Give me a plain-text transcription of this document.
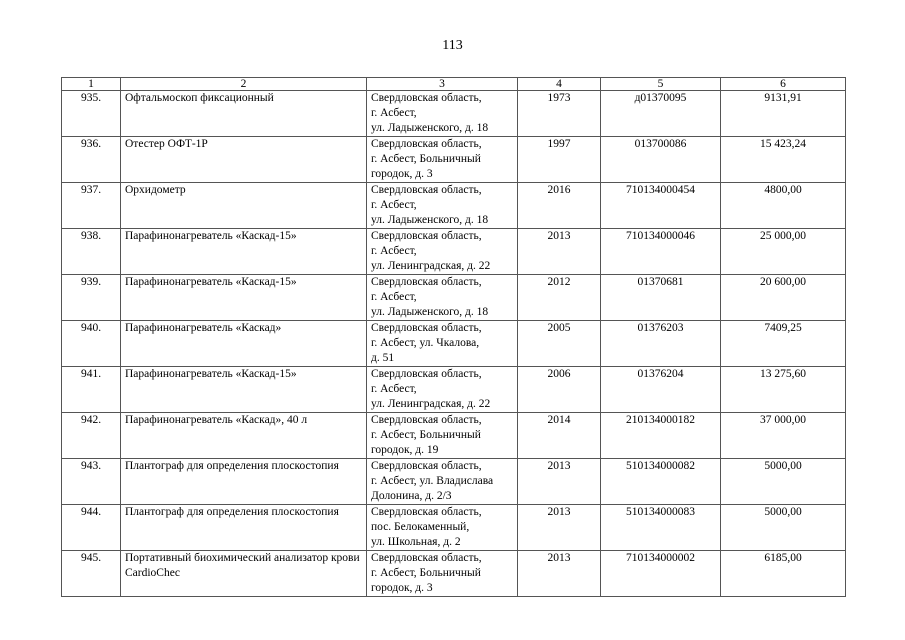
113
1	2	3	4	5	6
935.	Офтальмоскоп фиксационный	Свердловская область,
г. Асбест,
ул. Ладыженского, д. 18	1973	д01370095	9131,91
936.	Отестер ОФТ-1Р	Свердловская область,
г. Асбест, Больничный
городок, д. 3	1997	013700086	15 423,24
937.	Орхидометр	Свердловская область,
г. Асбест,
ул. Ладыженского, д. 18	2016	710134000454	4800,00
938.	Парафинонагреватель «Каскад-15»	Свердловская область,
г. Асбест,
ул. Ленинградская, д. 22	2013	710134000046	25 000,00
939.	Парафинонагреватель «Каскад-15»	Свердловская область,
г. Асбест,
ул. Ладыженского, д. 18	2012	01370681	20 600,00
940.	Парафинонагреватель «Каскад»	Свердловская область,
г. Асбест, ул. Чкалова,
д. 51	2005	01376203	7409,25
941.	Парафинонагреватель «Каскад-15»	Свердловская область,
г. Асбест,
ул. Ленинградская, д. 22	2006	01376204	13 275,60
942.	Парафинонагреватель «Каскад», 40 л	Свердловская область,
г. Асбест, Больничный
городок, д. 19	2014	210134000182	37 000,00
943.	Плантограф для определения плоскостопия	Свердловская область,
г. Асбест, ул. Владислава
Долонина, д. 2/3	2013	510134000082	5000,00
944.	Плантограф для определения плоскостопия	Свердловская область,
пос. Белокаменный,
ул. Школьная, д. 2	2013	510134000083	5000,00
945.	Портативный биохимический анализатор крови CardioChec	Свердловская область,
г. Асбест, Больничный
городок, д. 3	2013	710134000002	6185,00
